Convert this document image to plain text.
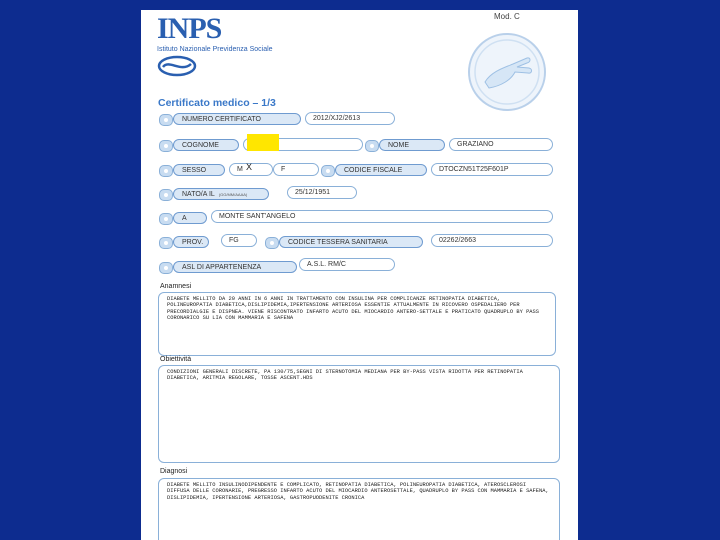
INPS
Istituto Nazionale Previdenza Sociale
Mod. C
Certificato medico – 1/3
NUMERO CERTIFICATO	2012/XJ2/2613
COGNOME	NOME	GRAZIANO
SESSO	M X	F	CODICE FISCALE	DTOCZN51T25F601P
NATO/A IL (GG/MM/AAAA)	25/12/1951
A	MONTE SANT'ANGELO
PROV.	FG	CODICE TESSERA SANITARIA	02262/2663
ASL DI APPARTENENZA	A.S.L. RM/C
Anamnesi
DIABETE MELLITO DA 20 ANNI IN 6 ANNI IN TRATTAMENTO CON INSULINA PER COMPLICANZE RETINOPATIA DIABETICA, POLINEUROPATIA DIABETICA,DISLIPIDEMIA,IPERTENSIONE ARTERIOSA ESSENTIE ATTUALMENTE IN RICOVERO OSPEDALIERO PER PRECORDIALGIE E DISPNEA. VIENE RISCONTRATO INFARTO ACUTO DEL MIOCARDIO ANTERO-SETTALE E PRATICATO QUADRUPLO BY PASS CORONARICO SU LIA CON MAMMARIA E SAFENA
Obiettività
CONDIZIONI GENERALI DISCRETE, PA 130/75,SEGNI DI STERNOTOMIA MEDIANA PER BY-PASS VISTA RIDOTTA PER RETINOPATIA DIABETICA, ARITMIA REGOLARE, TOSSE ASCENT.HDS
Diagnosi
DIABETE MELLITO INSULINODIPENDENTE E COMPLICATO, RETINOPATIA DIABETICA, POLINEUROPATIA DIABETICA, ATEROSCLEROSI DIFFUSA DELLE CORONARIE, PREGRESSO INFARTO ACUTO DEL MIOCARDIO ANTEROSETTALE, QUADRUPLO BY PASS CON MAMMARIA E SAFENA, DISLIPIDEMIA, IPERTENSIONE ARTERIOSA, GASTROPUODENITE CRONICA
